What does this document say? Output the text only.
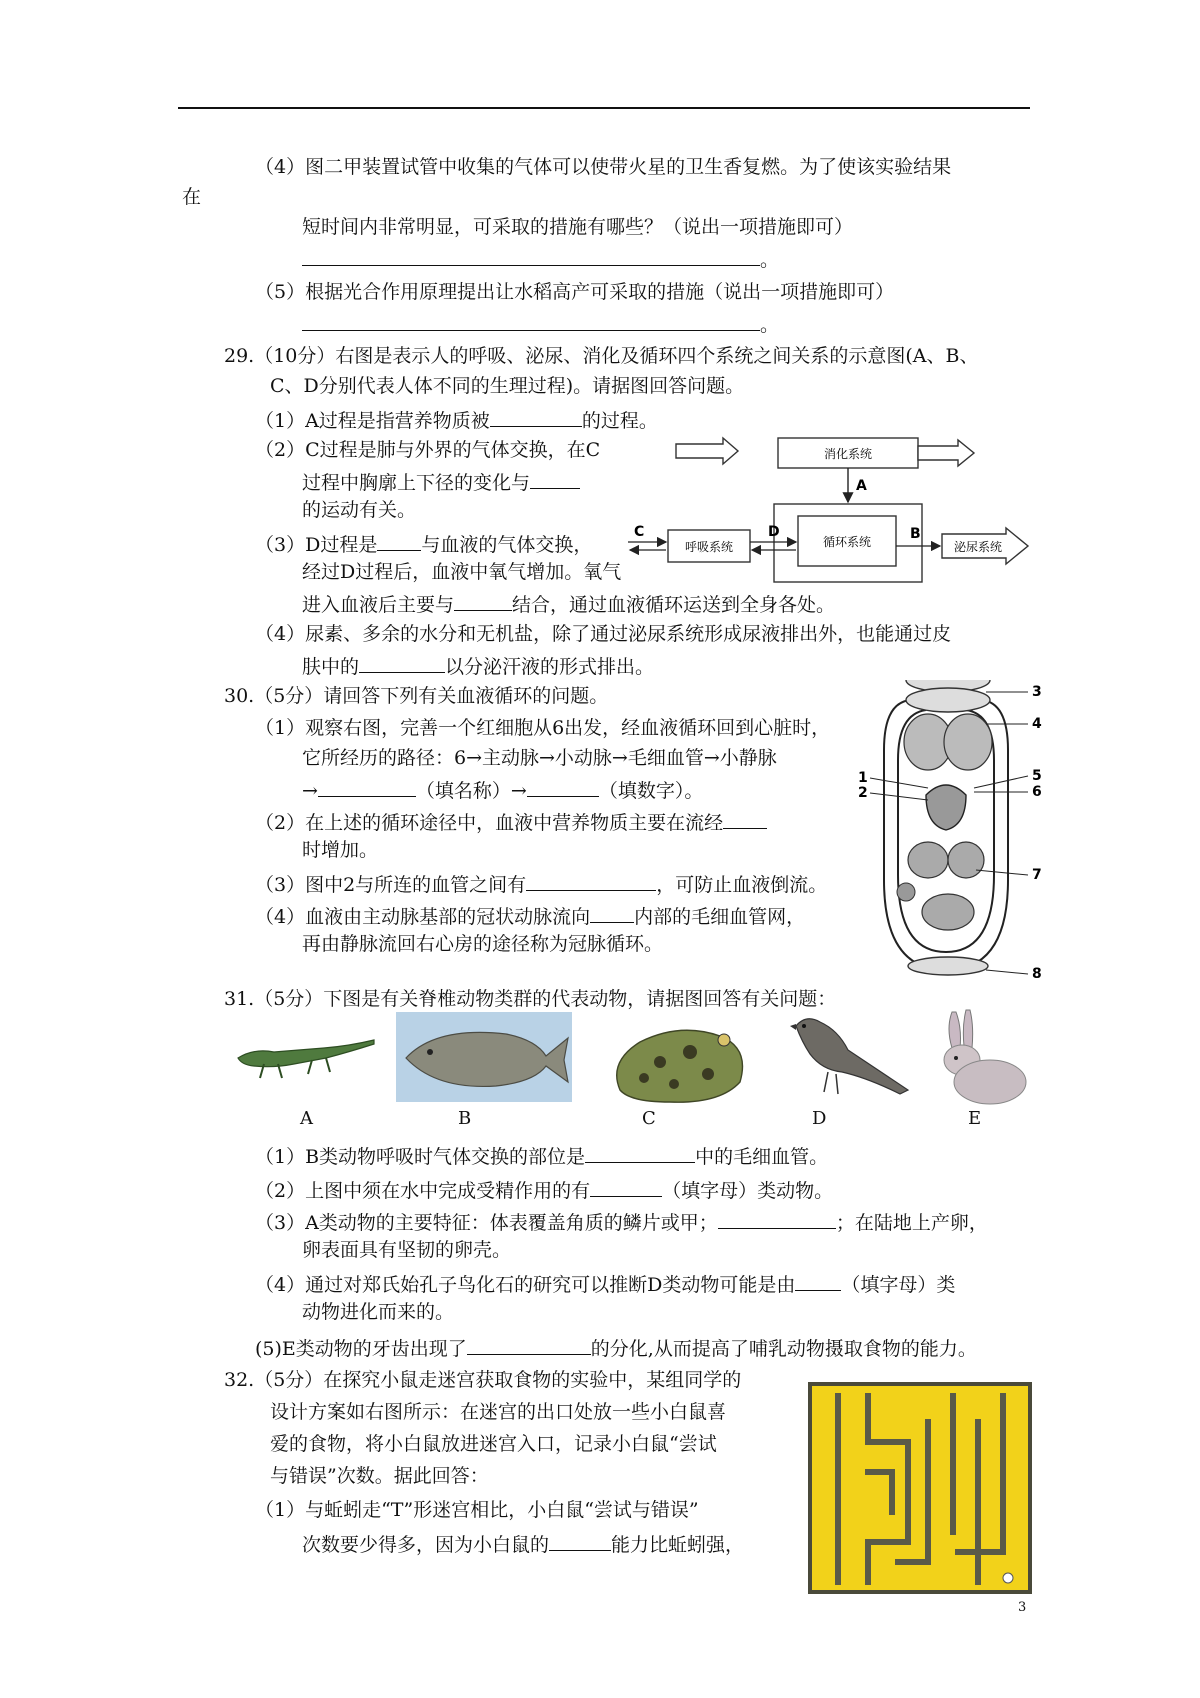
（4）图二甲装置试管中收集的气体可以使带火星的卫生香复燃。为了使该实验结果
在
短时间内非常明显，可采取的措施有哪些？（说出一项措施即可）
。
（5）根据光合作用原理提出让水稻高产可采取的措施（说出一项措施即可）
。
29.（10分）右图是表示人的呼吸、泌尿、消化及循环四个系统之间关系的示意图(A、B、
C、D分别代表人体不同的生理过程)。请据图回答问题。
（1）A过程是指营养物质被	的过程。
（2）C过程是肺与外界的气体交换，在C
过程中胸廓上下径的变化与
的运动有关。
（3）D过程是 与血液的气体交换，
经过D过程后，血液中氧气增加。氧气
进入血液后主要与	结合，通过血液循环运送到全身各处。
（4）尿素、多余的水分和无机盐，除了通过泌尿系统形成尿液排出外，也能通过皮
肤中的	以分泌汗液的形式排出。
消化系统
A
循环系统
呼吸系统
D
C	B
泌尿系统
30.（5分）请回答下列有关血液循环的问题。
（1）观察右图，完善一个红细胞从6出发，经血液循环回到心脏时，
它所经历的路径：6→主动脉→小动脉→毛细血管→小静脉
→	（填名称）→	（填数字）。
（2）在上述的循环途径中，血液中营养物质主要在流经
时增加。
（3）图中2与所连的血管之间有	，可防止血液倒流。
（4）血液由主动脉基部的冠状动脉流向 内部的毛细血管网，
再由静脉流回右心房的途径称为冠脉循环。
3
4
5
6
1
2
7
8
31.（5分）下图是有关脊椎动物类群的代表动物，请据图回答有关问题：
A	B	C	D	E
（1）B类动物呼吸时气体交换的部位是	中的毛细血管。
（2）上图中须在水中完成受精作用的有	（填字母）类动物。
（3）A类动物的主要特征：体表覆盖角质的鳞片或甲；	；在陆地上产卵，
卵表面具有坚韧的卵壳。
（4）通过对郑氏始孔子鸟化石的研究可以推断D类动物可能是由 （填字母）类
动物进化而来的。
(5)E类动物的牙齿出现了	的分化,从而提高了哺乳动物摄取食物的能力。
32.（5分）在探究小鼠走迷宫获取食物的实验中，某组同学的
设计方案如右图所示：在迷宫的出口处放一些小白鼠喜
爱的食物，将小白鼠放进迷宫入口，记录小白鼠“尝试
与错误”次数。据此回答：
（1）与蚯蚓走“T”形迷宫相比，小白鼠“尝试与错误”
次数要少得多，因为小白鼠的	能力比蚯蚓强，
3
